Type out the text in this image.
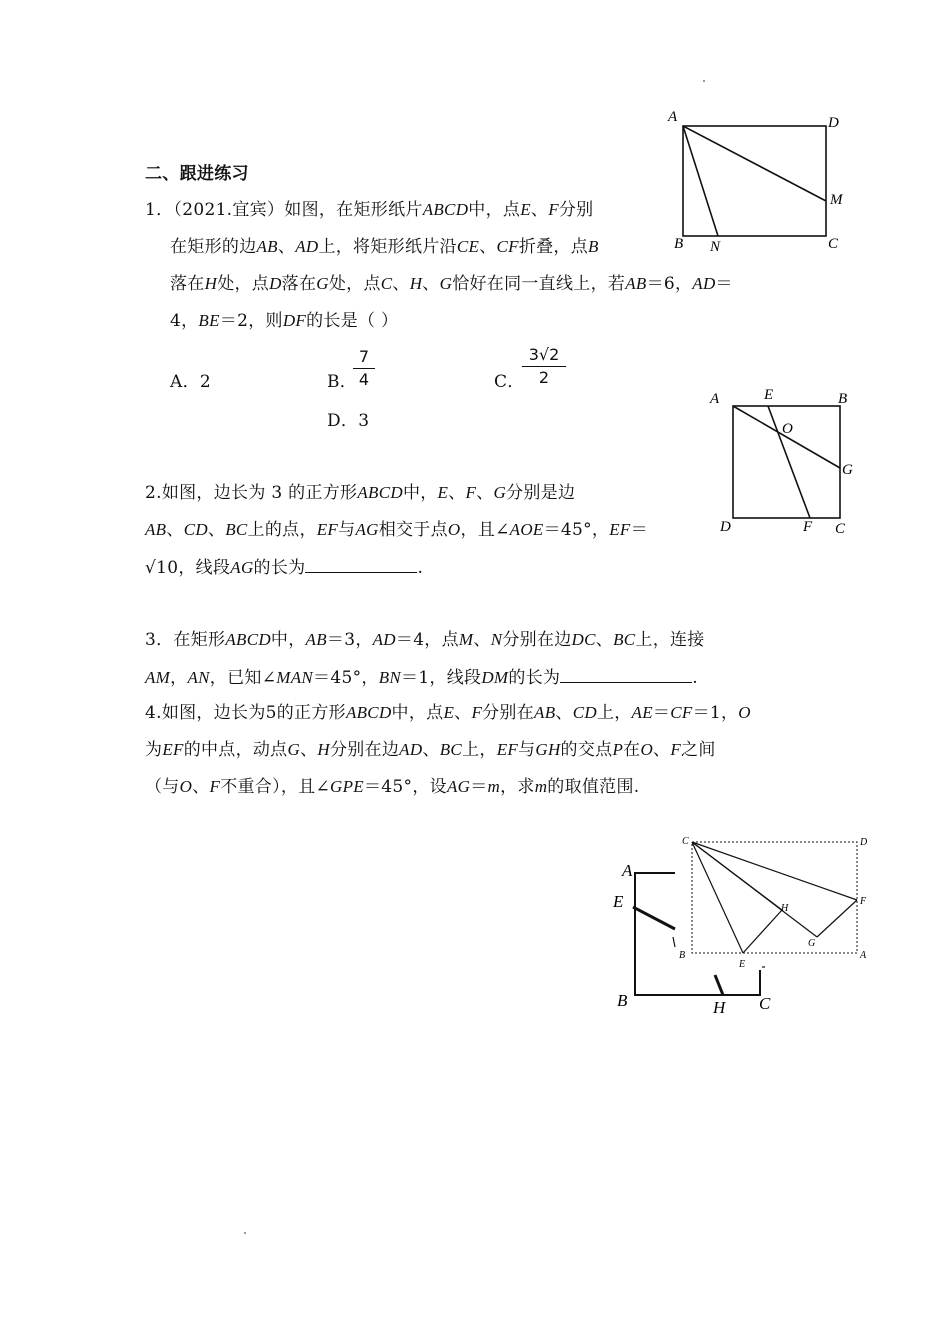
A	D
M
B N	C
二、跟进练习
1．（2021.宜宾）如图，在矩形纸片ABCD中，点E、F分别
在矩形的边AB、AD上，将矩形纸片沿CE、CF折叠，点B
落在H处，点D落在G处，点C、H、G恰好在同一直线上，若AB＝6，AD＝
4，BE＝2，则DF的长是（ ）
A．2	B．
7
4	C．
3√2
2
D．3
A	E	B
O
G
D	F C
2.如图，边长为 3 的正方形ABCD中，E、F、G分别是边
AB、CD、BC上的点，EF与AG相交于点O，且∠AOE＝45°，EF＝
√10，线段AG的长为	.
3．在矩形ABCD中，AB＝3，AD＝4，点M、N分别在边DC、BC上，连接
AM，AN，已知∠MAN＝45°，BN＝1，线段DM的长为	.
4.如图，边长为5的正方形ABCD中，点E、F分别在AB、CD上，AE＝CF＝1，O
为EF的中点，动点G、H分别在边AD、BC上，EF与GH的交点P在O、F之间
（与O、F不重合），且∠GPE＝45°，设AG＝m，求m的取值范围.
A
E
B	H C
C	D
H
F
G
B
E
A
